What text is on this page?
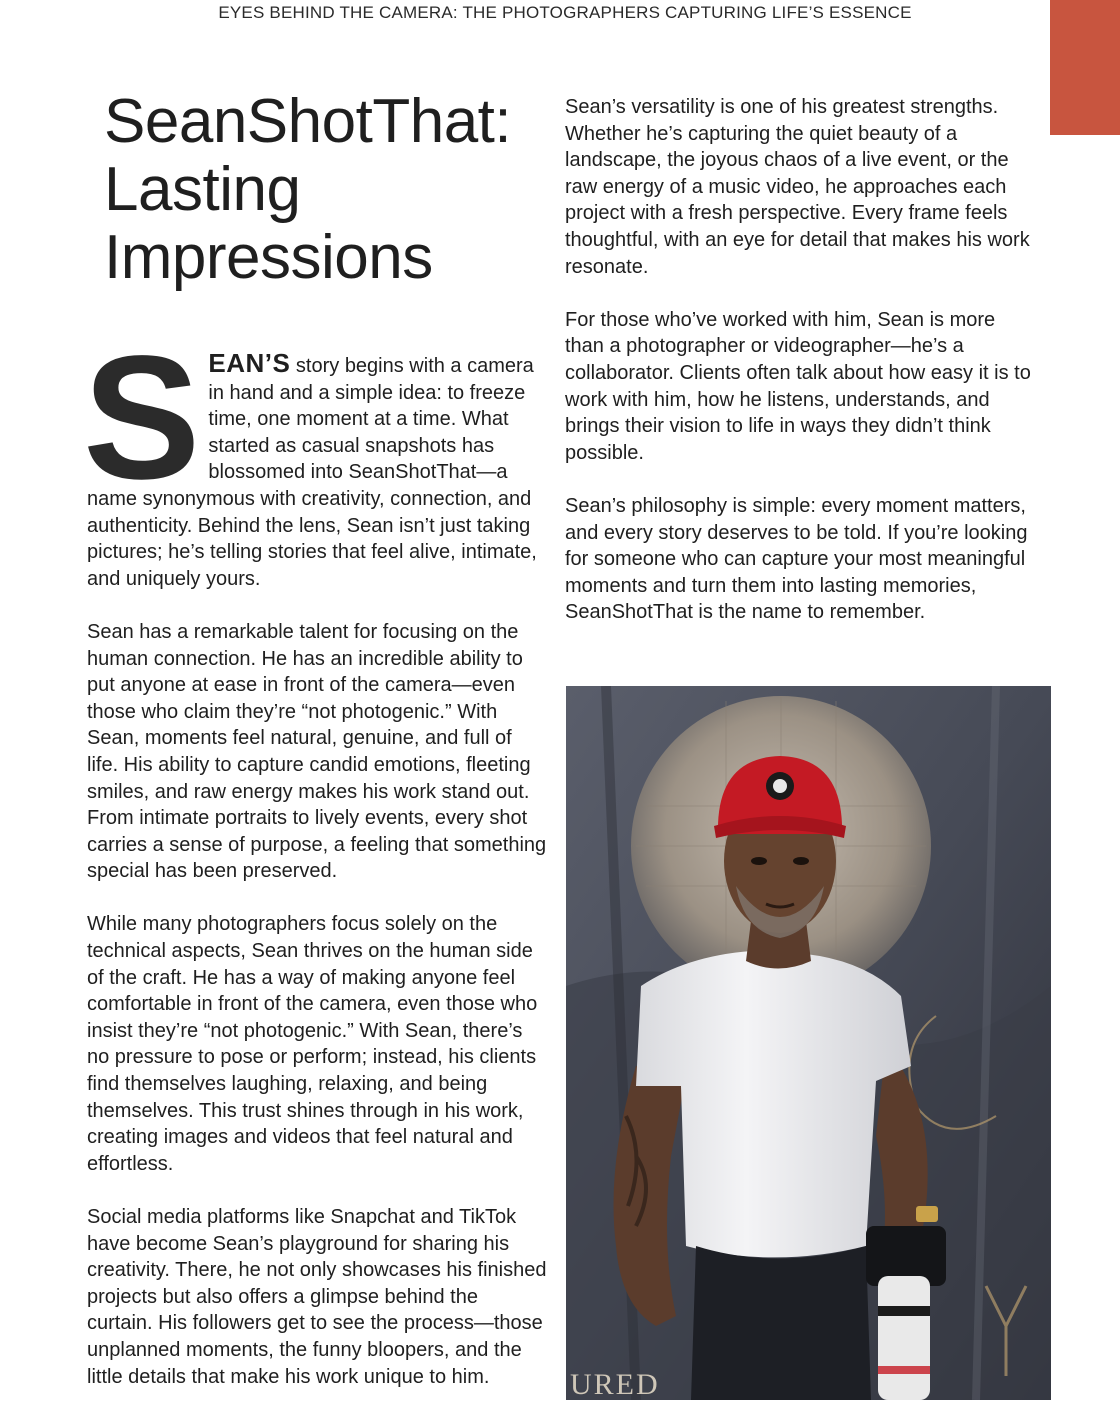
EYES BEHIND THE CAMERA: THE PHOTOGRAPHERS CAPTURING LIFE’S ESSENCE
SeanShotThat:
Lasting
Impressions

SEAN’S story begins with a camera in hand and a simple idea: to freeze time, one moment at a time. What started as casual snapshots has blossomed into SeanShotThat—a name synonymous with creativity, connection, and authenticity. Behind the lens, Sean isn’t just taking pictures; he’s telling stories that feel alive, intimate, and uniquely yours.

Sean has a remarkable talent for focusing on the human connection. He has an incredible ability to put anyone at ease in front of the camera—even those who claim they’re “not photogenic.” With Sean, moments feel natural, genuine, and full of life. His ability to capture candid emotions, fleeting smiles, and raw energy makes his work stand out. From intimate portraits to lively events, every shot carries a sense of purpose, a feeling that something special has been preserved.

While many photographers focus solely on the technical aspects, Sean thrives on the human side of the craft. He has a way of making anyone feel comfortable in front of the camera, even those who insist they’re “not photogenic.” With Sean, there’s no pressure to pose or perform; instead, his clients find themselves laughing, relaxing, and being themselves. This trust shines through in his work, creating images and videos that feel natural and effortless.

Social media platforms like Snapchat and TikTok have become Sean’s playground for sharing his creativity. There, he not only showcases his finished projects but also offers a glimpse behind the curtain. His followers get to see the process—those unplanned moments, the funny bloopers, and the little details that make his work unique to him.

Sean’s versatility is one of his greatest strengths. Whether he’s capturing the quiet beauty of a landscape, the joyous chaos of a live event, or the raw energy of a music video, he approaches each project with a fresh perspective. Every frame feels thoughtful, with an eye for detail that makes his work resonate.

For those who’ve worked with him, Sean is more than a photographer or videographer—he’s a collaborator. Clients often talk about how easy it is to work with him, how he listens, understands, and brings their vision to life in ways they didn’t think possible.

Sean’s philosophy is simple: every moment matters, and every story deserves to be told. If you’re looking for someone who can capture your most meaningful moments and turn them into lasting memories, SeanShotThat is the name to remember.

URED
